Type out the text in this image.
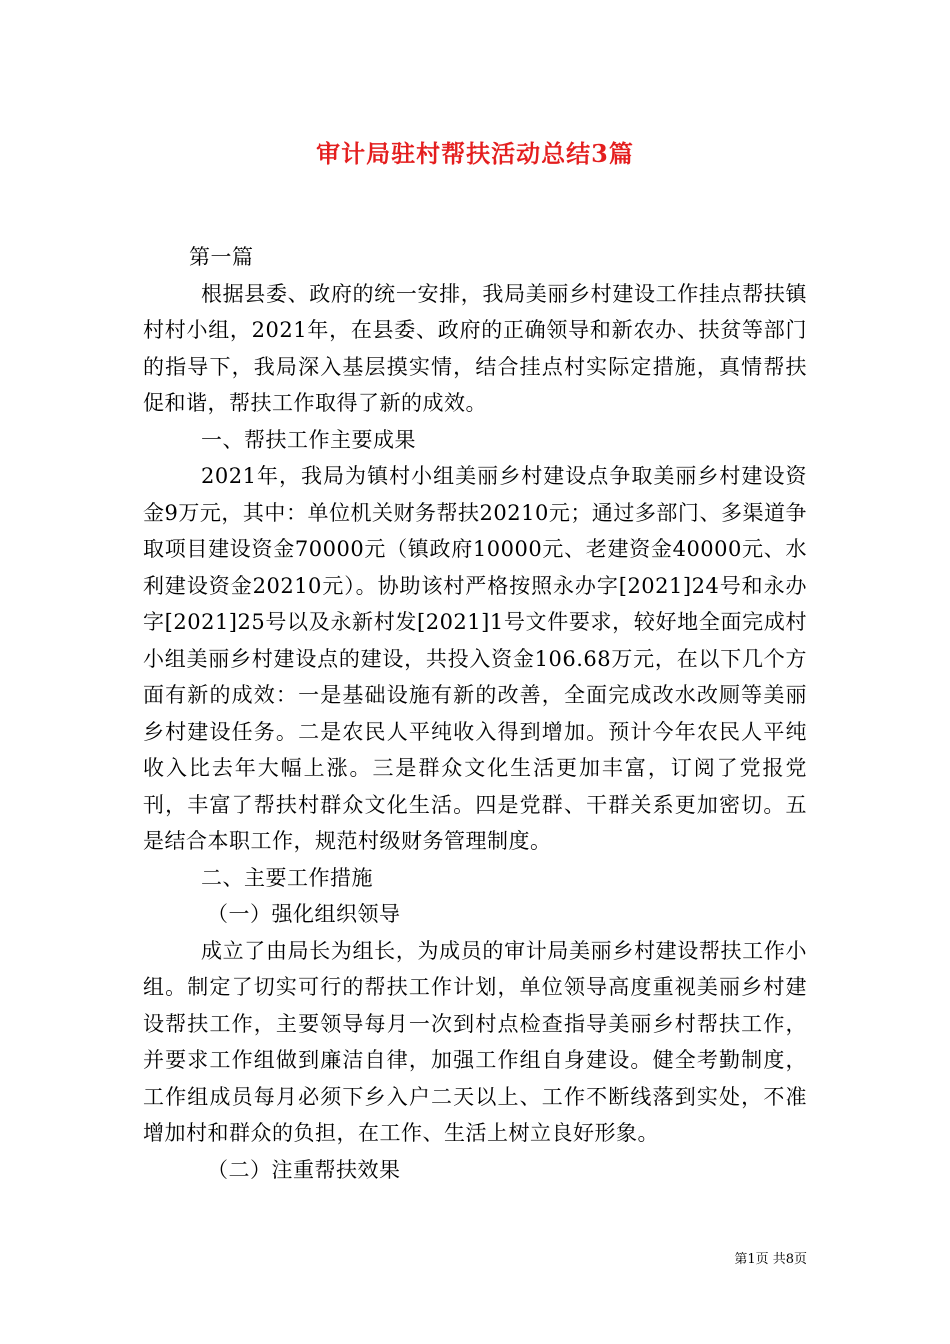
审计局驻村帮扶活动总结3篇

第一篇

根据县委、政府的统一安排，我局美丽乡村建设工作挂点帮扶镇村村小组，2021年，在县委、政府的正确领导和新农办、扶贫等部门的指导下，我局深入基层摸实情，结合挂点村实际定措施，真情帮扶促和谐，帮扶工作取得了新的成效。

一、帮扶工作主要成果

2021年，我局为镇村小组美丽乡村建设点争取美丽乡村建设资金9万元，其中：单位机关财务帮扶20210元；通过多部门、多渠道争取项目建设资金70000元（镇政府10000元、老建资金40000元、水利建设资金20210元）。协助该村严格按照永办字[2021]24号和永办字[2021]25号以及永新村发[2021]1号文件要求，较好地全面完成村小组美丽乡村建设点的建设，共投入资金106.68万元，在以下几个方面有新的成效：一是基础设施有新的改善，全面完成改水改厕等美丽乡村建设任务。二是农民人平纯收入得到增加。预计今年农民人平纯收入比去年大幅上涨。三是群众文化生活更加丰富，订阅了党报党刊，丰富了帮扶村群众文化生活。四是党群、干群关系更加密切。五是结合本职工作，规范村级财务管理制度。

二、主要工作措施

（一）强化组织领导

成立了由局长为组长，为成员的审计局美丽乡村建设帮扶工作小组。制定了切实可行的帮扶工作计划，单位领导高度重视美丽乡村建设帮扶工作，主要领导每月一次到村点检查指导美丽乡村帮扶工作，并要求工作组做到廉洁自律，加强工作组自身建设。健全考勤制度，工作组成员每月必须下乡入户二天以上、工作不断线落到实处，不准增加村和群众的负担，在工作、生活上树立良好形象。

（二）注重帮扶效果

第1页 共8页
